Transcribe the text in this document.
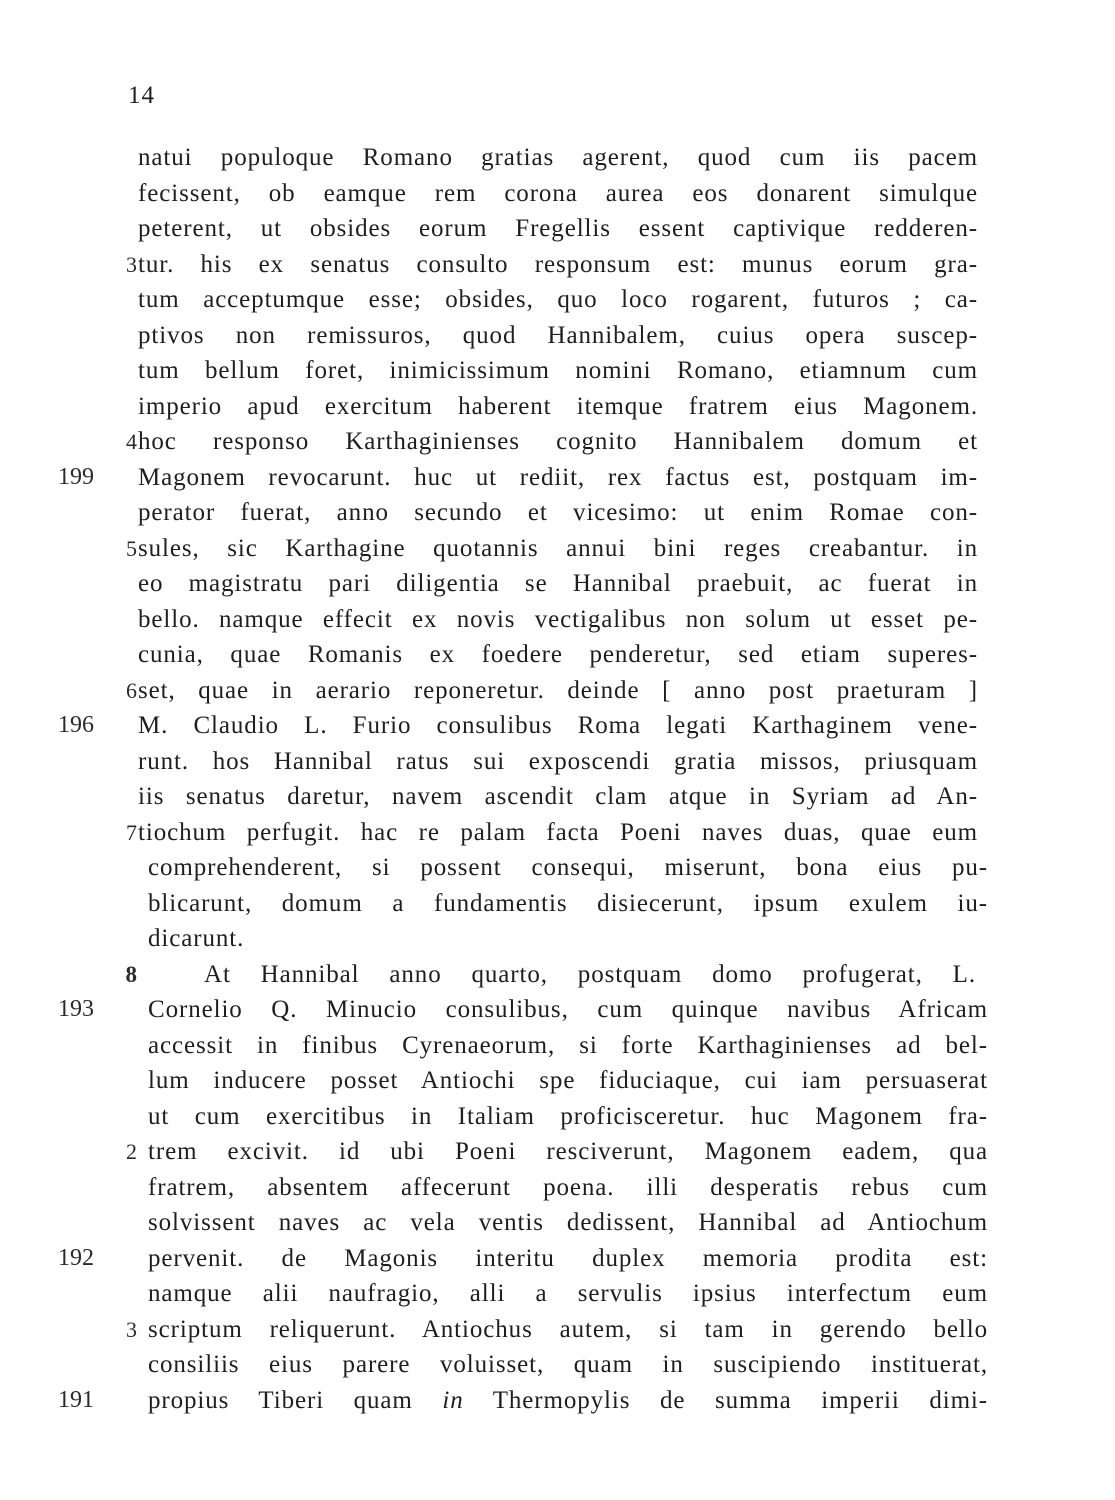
14
natui populoque Romano gratias agerent, quod cum iis pacem
fecissent, ob eamque rem corona aurea eos donarent simulque
peterent, ut obsides eorum Fregellis essent captivique redderen-
3 tur. his ex senatus consulto responsum est: munus eorum gra-
tum acceptumque esse; obsides, quo loco rogarent, futuros ; ca-
ptivos non remissuros, quod Hannibalem, cuius opera suscep-
tum bellum foret, inimicissimum nomini Romano, etiamnum cum
imperio apud exercitum haberent itemque fratrem eius Magonem.
4 hoc responso Karthaginienses cognito Hannibalem domum et
199	Magonem revocarunt. huc ut rediit, rex factus est, postquam im-
perator fuerat, anno secundo et vicesimo: ut enim Romae con-
5 sules, sic Karthagine quotannis annui bini reges creabantur. in
eo magistratu pari diligentia se Hannibal praebuit, ac fuerat in
bello. namque effecit ex novis vectigalibus non solum ut esset pe-
cunia, quae Romanis ex foedere penderetur, sed etiam superes-
6 set, quae in aerario reponeretur. deinde [ anno post praeturam ]
196	M. Claudio L. Furio consulibus Roma legati Karthaginem vene-
runt. hos Hannibal ratus sui exposcendi gratia missos, priusquam
iis senatus daretur, navem ascendit clam atque in Syriam ad An-
7 tiochum perfugit. hac re palam facta Poeni naves duas, quae eum
comprehenderent, si possent consequi, miserunt, bona eius pu-
blicarunt, domum a fundamentis disiecerunt, ipsum exulem iu-
dicarunt.
8	At Hannibal anno quarto, postquam domo profugerat, L.
193	Cornelio Q. Minucio consulibus, cum quinque navibus Africam
accessit in finibus Cyrenaeorum, si forte Karthaginienses ad bel-
lum inducere posset Antiochi spe fiduciaque, cui iam persuaserat
ut cum exercitibus in Italiam proficisceretur. huc Magonem fra-
2 trem excivit. id ubi Poeni resciverunt, Magonem eadem, qua
fratrem, absentem affecerunt poena. illi desperatis rebus cum
solvissent naves ac vela ventis dedissent, Hannibal ad Antiochum
192	pervenit. de Magonis interitu duplex memoria prodita est:
namque alii naufragio, alli a servulis ipsius interfectum eum
3 scriptum reliquerunt. Antiochus autem, si tam in gerendo bello
consiliis eius parere voluisset, quam in suscipiendo instituerat,
191	propius Tiberi quam in Thermopylis de summa imperii dimi-
